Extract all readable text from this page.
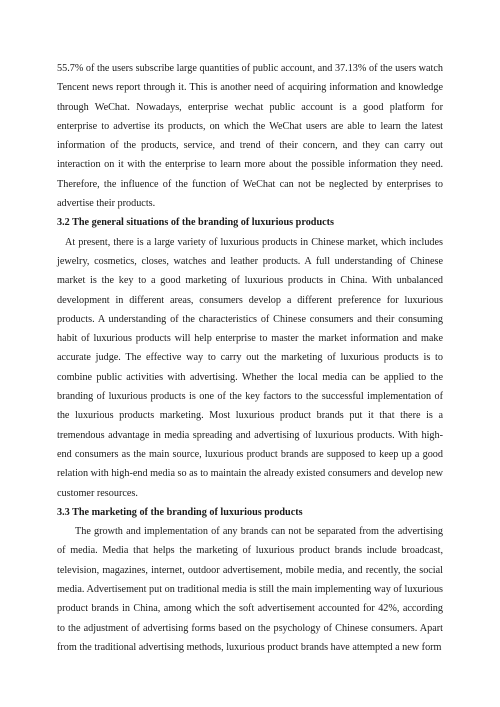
55.7% of the users subscribe large quantities of public account, and 37.13% of the users watch Tencent news report through it. This is another need of acquiring information and knowledge through WeChat. Nowadays, enterprise wechat public account is a good platform for enterprise to advertise its products, on which the WeChat users are able to learn the latest information of the products, service, and trend of their concern, and they can carry out interaction on it with the enterprise to learn more about the possible information they need. Therefore, the influence of the function of WeChat can not be neglected by enterprises to advertise their products.

3.2 The general situations of the branding of luxurious products

At present, there is a large variety of luxurious products in Chinese market, which includes jewelry, cosmetics, closes, watches and leather products. A full understanding of Chinese market is the key to a good marketing of luxurious products in China. With unbalanced development in different areas, consumers develop a different preference for luxurious products. A understanding of the characteristics of Chinese consumers and their consuming habit of luxurious products will help enterprise to master the market information and make accurate judge. The effective way to carry out the marketing of luxurious products is to combine public activities with advertising. Whether the local media can be applied to the branding of luxurious products is one of the key factors to the successful implementation of the luxurious products marketing. Most luxurious product brands put it that there is a tremendous advantage in media spreading and advertising of luxurious products. With high-end consumers as the main source, luxurious product brands are supposed to keep up a good relation with high-end media so as to maintain the already existed consumers and develop new customer resources.

3.3 The marketing of the branding of luxurious products

The growth and implementation of any brands can not be separated from the advertising of media. Media that helps the marketing of luxurious product brands include broadcast, television, magazines, internet, outdoor advertisement, mobile media, and recently, the social media. Advertisement put on traditional media is still the main implementing way of luxurious product brands in China, among which the soft advertisement accounted for 42%, according to the adjustment of advertising forms based on the psychology of Chinese consumers. Apart from the traditional advertising methods, luxurious product brands have attempted a new form
